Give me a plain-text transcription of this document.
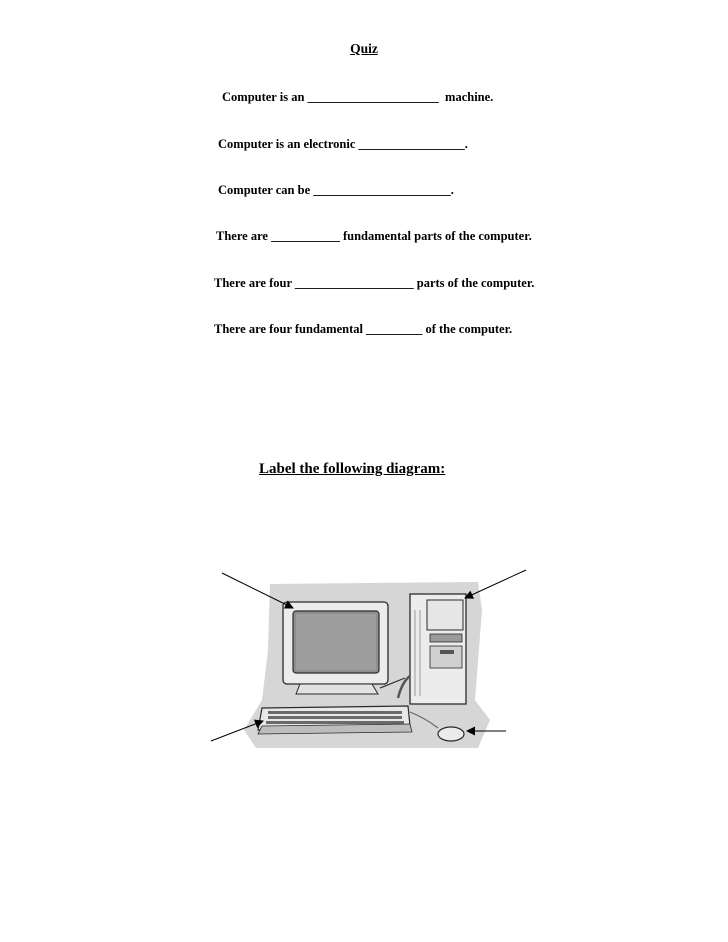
Quiz
Computer is an _____________________  machine.
Computer is an electronic _________________.
Computer can be ______________________.
There are ___________ fundamental parts of the computer.
There are four ___________________ parts of the computer.
There are four fundamental _________ of the computer.
Label the following diagram:
